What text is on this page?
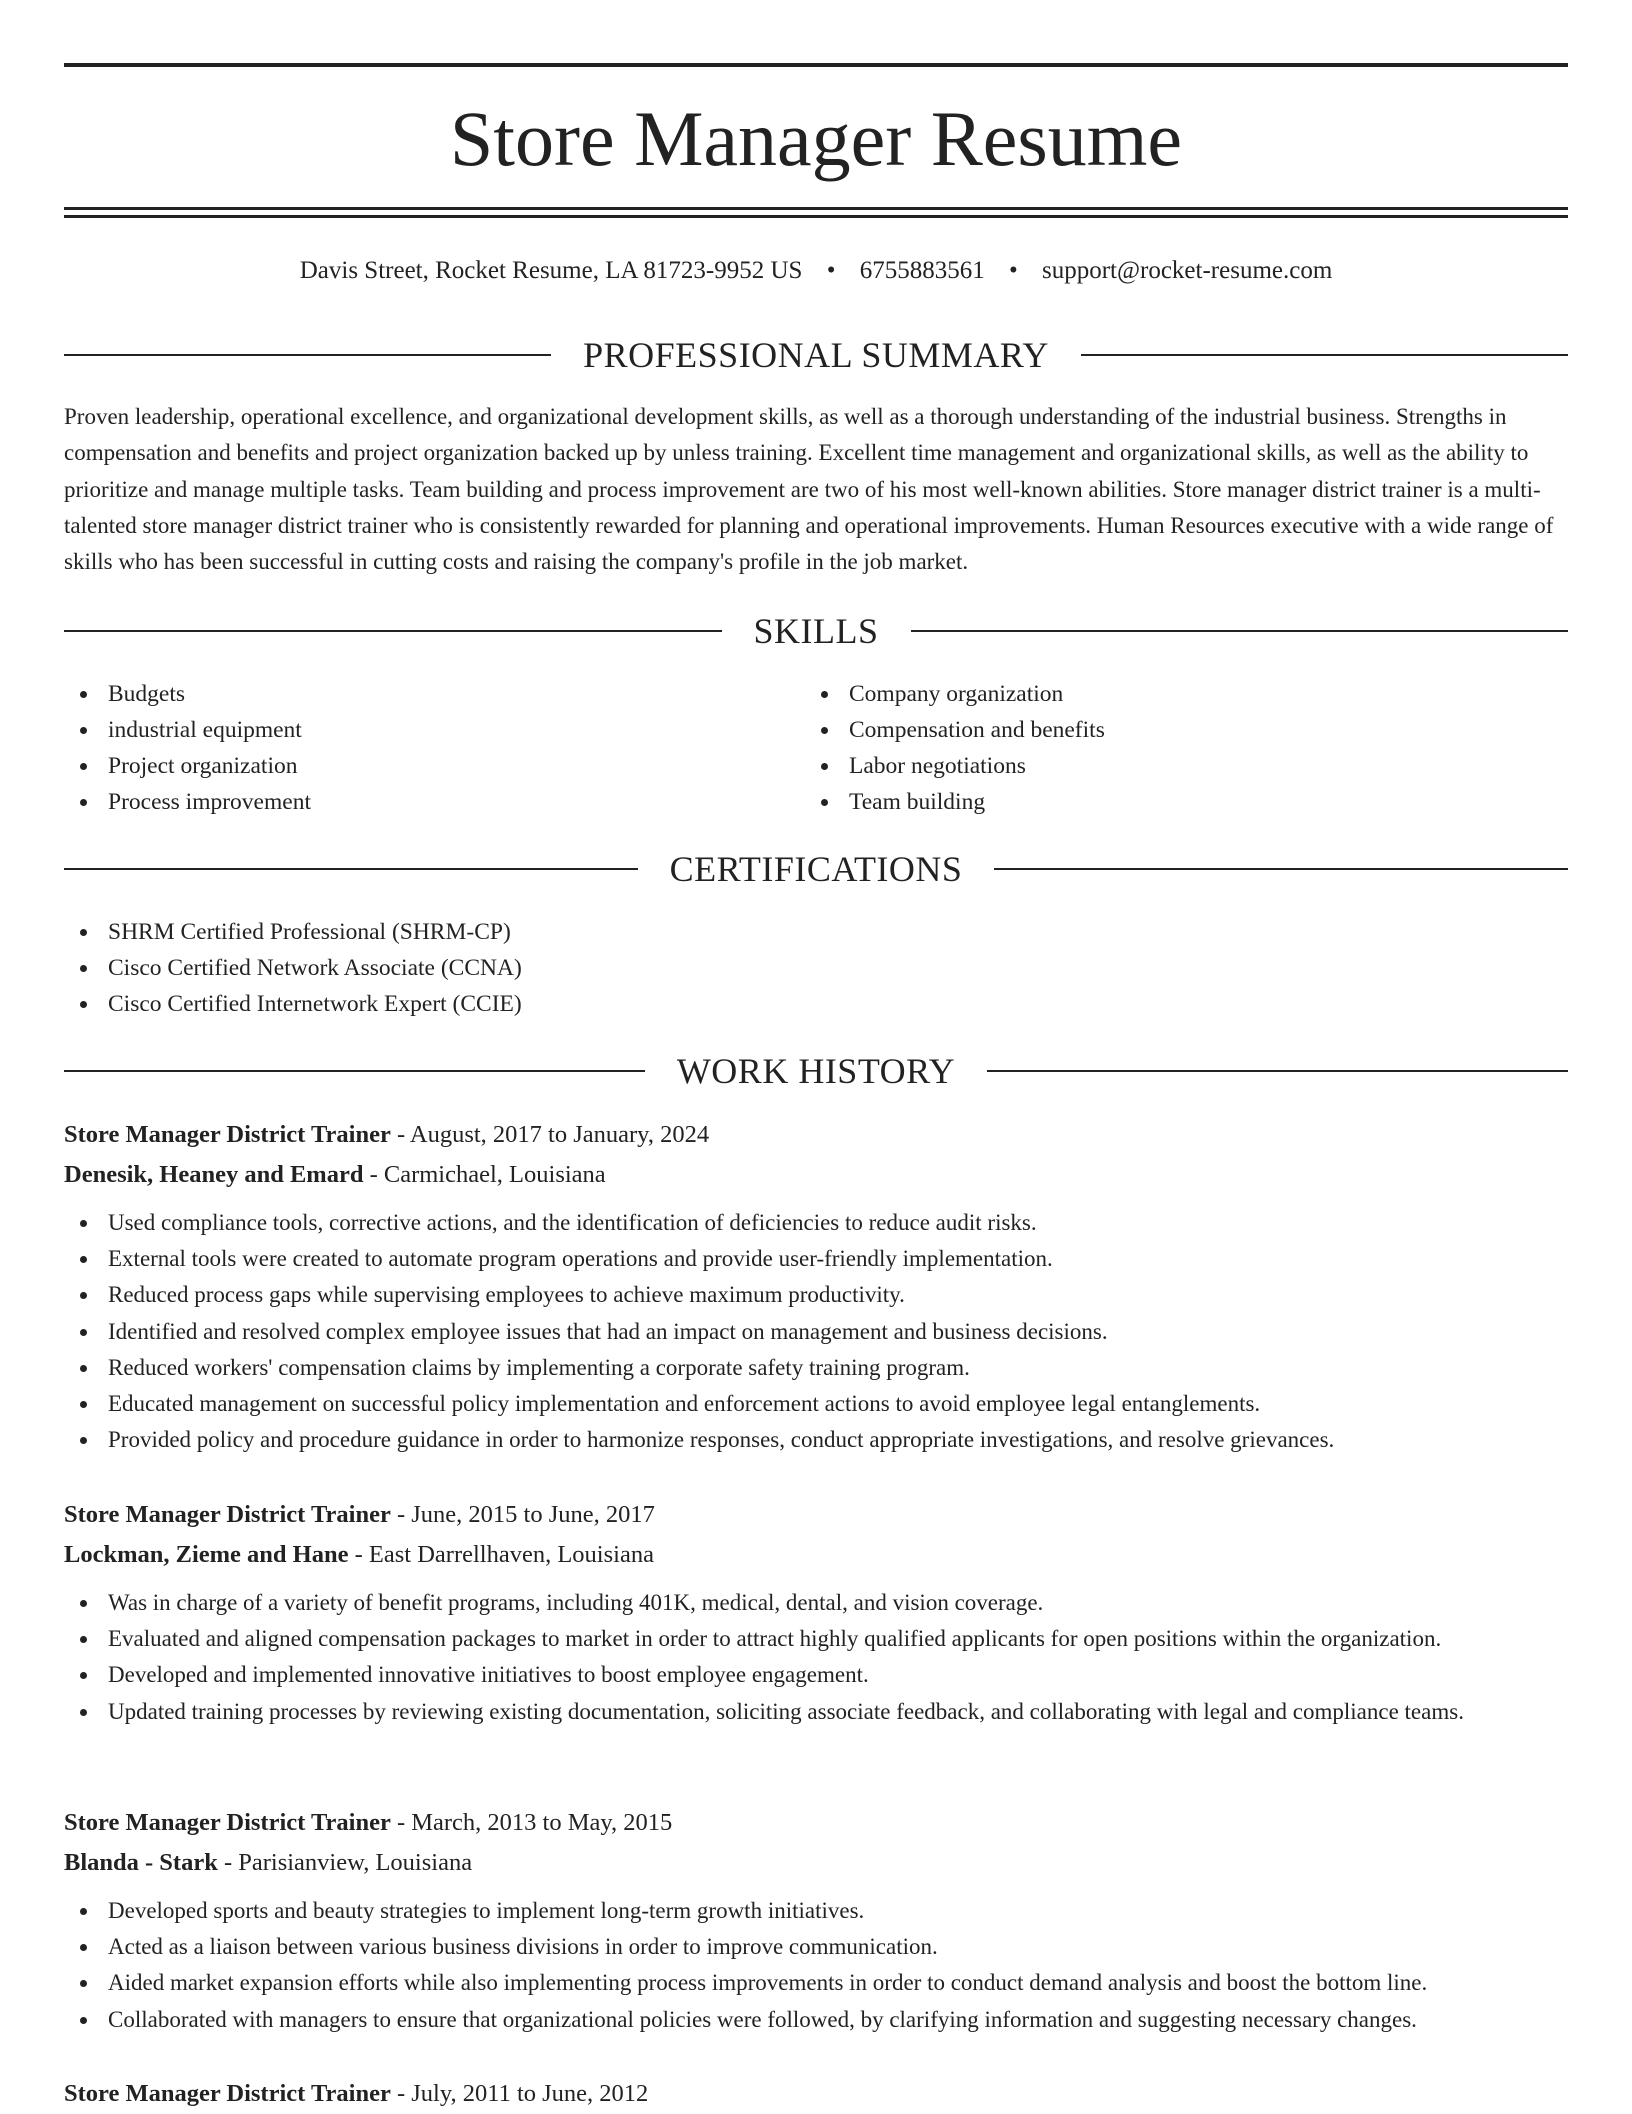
Store Manager Resume
Davis Street, Rocket Resume, LA 81723-9952 US • 6755883561 • support@rocket-resume.com
PROFESSIONAL SUMMARY

Proven leadership, operational excellence, and organizational development skills, as well as a thorough understanding of the industrial business. Strengths in compensation and benefits and project organization backed up by unless training. Excellent time management and organizational skills, as well as the ability to prioritize and manage multiple tasks. Team building and process improvement are two of his most well-known abilities. Store manager district trainer is a multi-talented store manager district trainer who is consistently rewarded for planning and operational improvements. Human Resources executive with a wide range of skills who has been successful in cutting costs and raising the company's profile in the job market.

SKILLS
Budgets
industrial equipment
Project organization
Process improvement
Company organization
Compensation and benefits
Labor negotiations
Team building
CERTIFICATIONS
SHRM Certified Professional (SHRM-CP)
Cisco Certified Network Associate (CCNA)
Cisco Certified Internetwork Expert (CCIE)
WORK HISTORY
Store Manager District Trainer - August, 2017 to January, 2024
Denesik, Heaney and Emard - Carmichael, Louisiana
Used compliance tools, corrective actions, and the identification of deficiencies to reduce audit risks.
External tools were created to automate program operations and provide user-friendly implementation.
Reduced process gaps while supervising employees to achieve maximum productivity.
Identified and resolved complex employee issues that had an impact on management and business decisions.
Reduced workers' compensation claims by implementing a corporate safety training program.
Educated management on successful policy implementation and enforcement actions to avoid employee legal entanglements.
Provided policy and procedure guidance in order to harmonize responses, conduct appropriate investigations, and resolve grievances.
Store Manager District Trainer - June, 2015 to June, 2017
Lockman, Zieme and Hane - East Darrellhaven, Louisiana
Was in charge of a variety of benefit programs, including 401K, medical, dental, and vision coverage.
Evaluated and aligned compensation packages to market in order to attract highly qualified applicants for open positions within the organization.
Developed and implemented innovative initiatives to boost employee engagement.
Updated training processes by reviewing existing documentation, soliciting associate feedback, and collaborating with legal and compliance teams.
Store Manager District Trainer - March, 2013 to May, 2015
Blanda - Stark - Parisianview, Louisiana
Developed sports and beauty strategies to implement long-term growth initiatives.
Acted as a liaison between various business divisions in order to improve communication.
Aided market expansion efforts while also implementing process improvements in order to conduct demand analysis and boost the bottom line.
Collaborated with managers to ensure that organizational policies were followed, by clarifying information and suggesting necessary changes.
Store Manager District Trainer - July, 2011 to June, 2012
